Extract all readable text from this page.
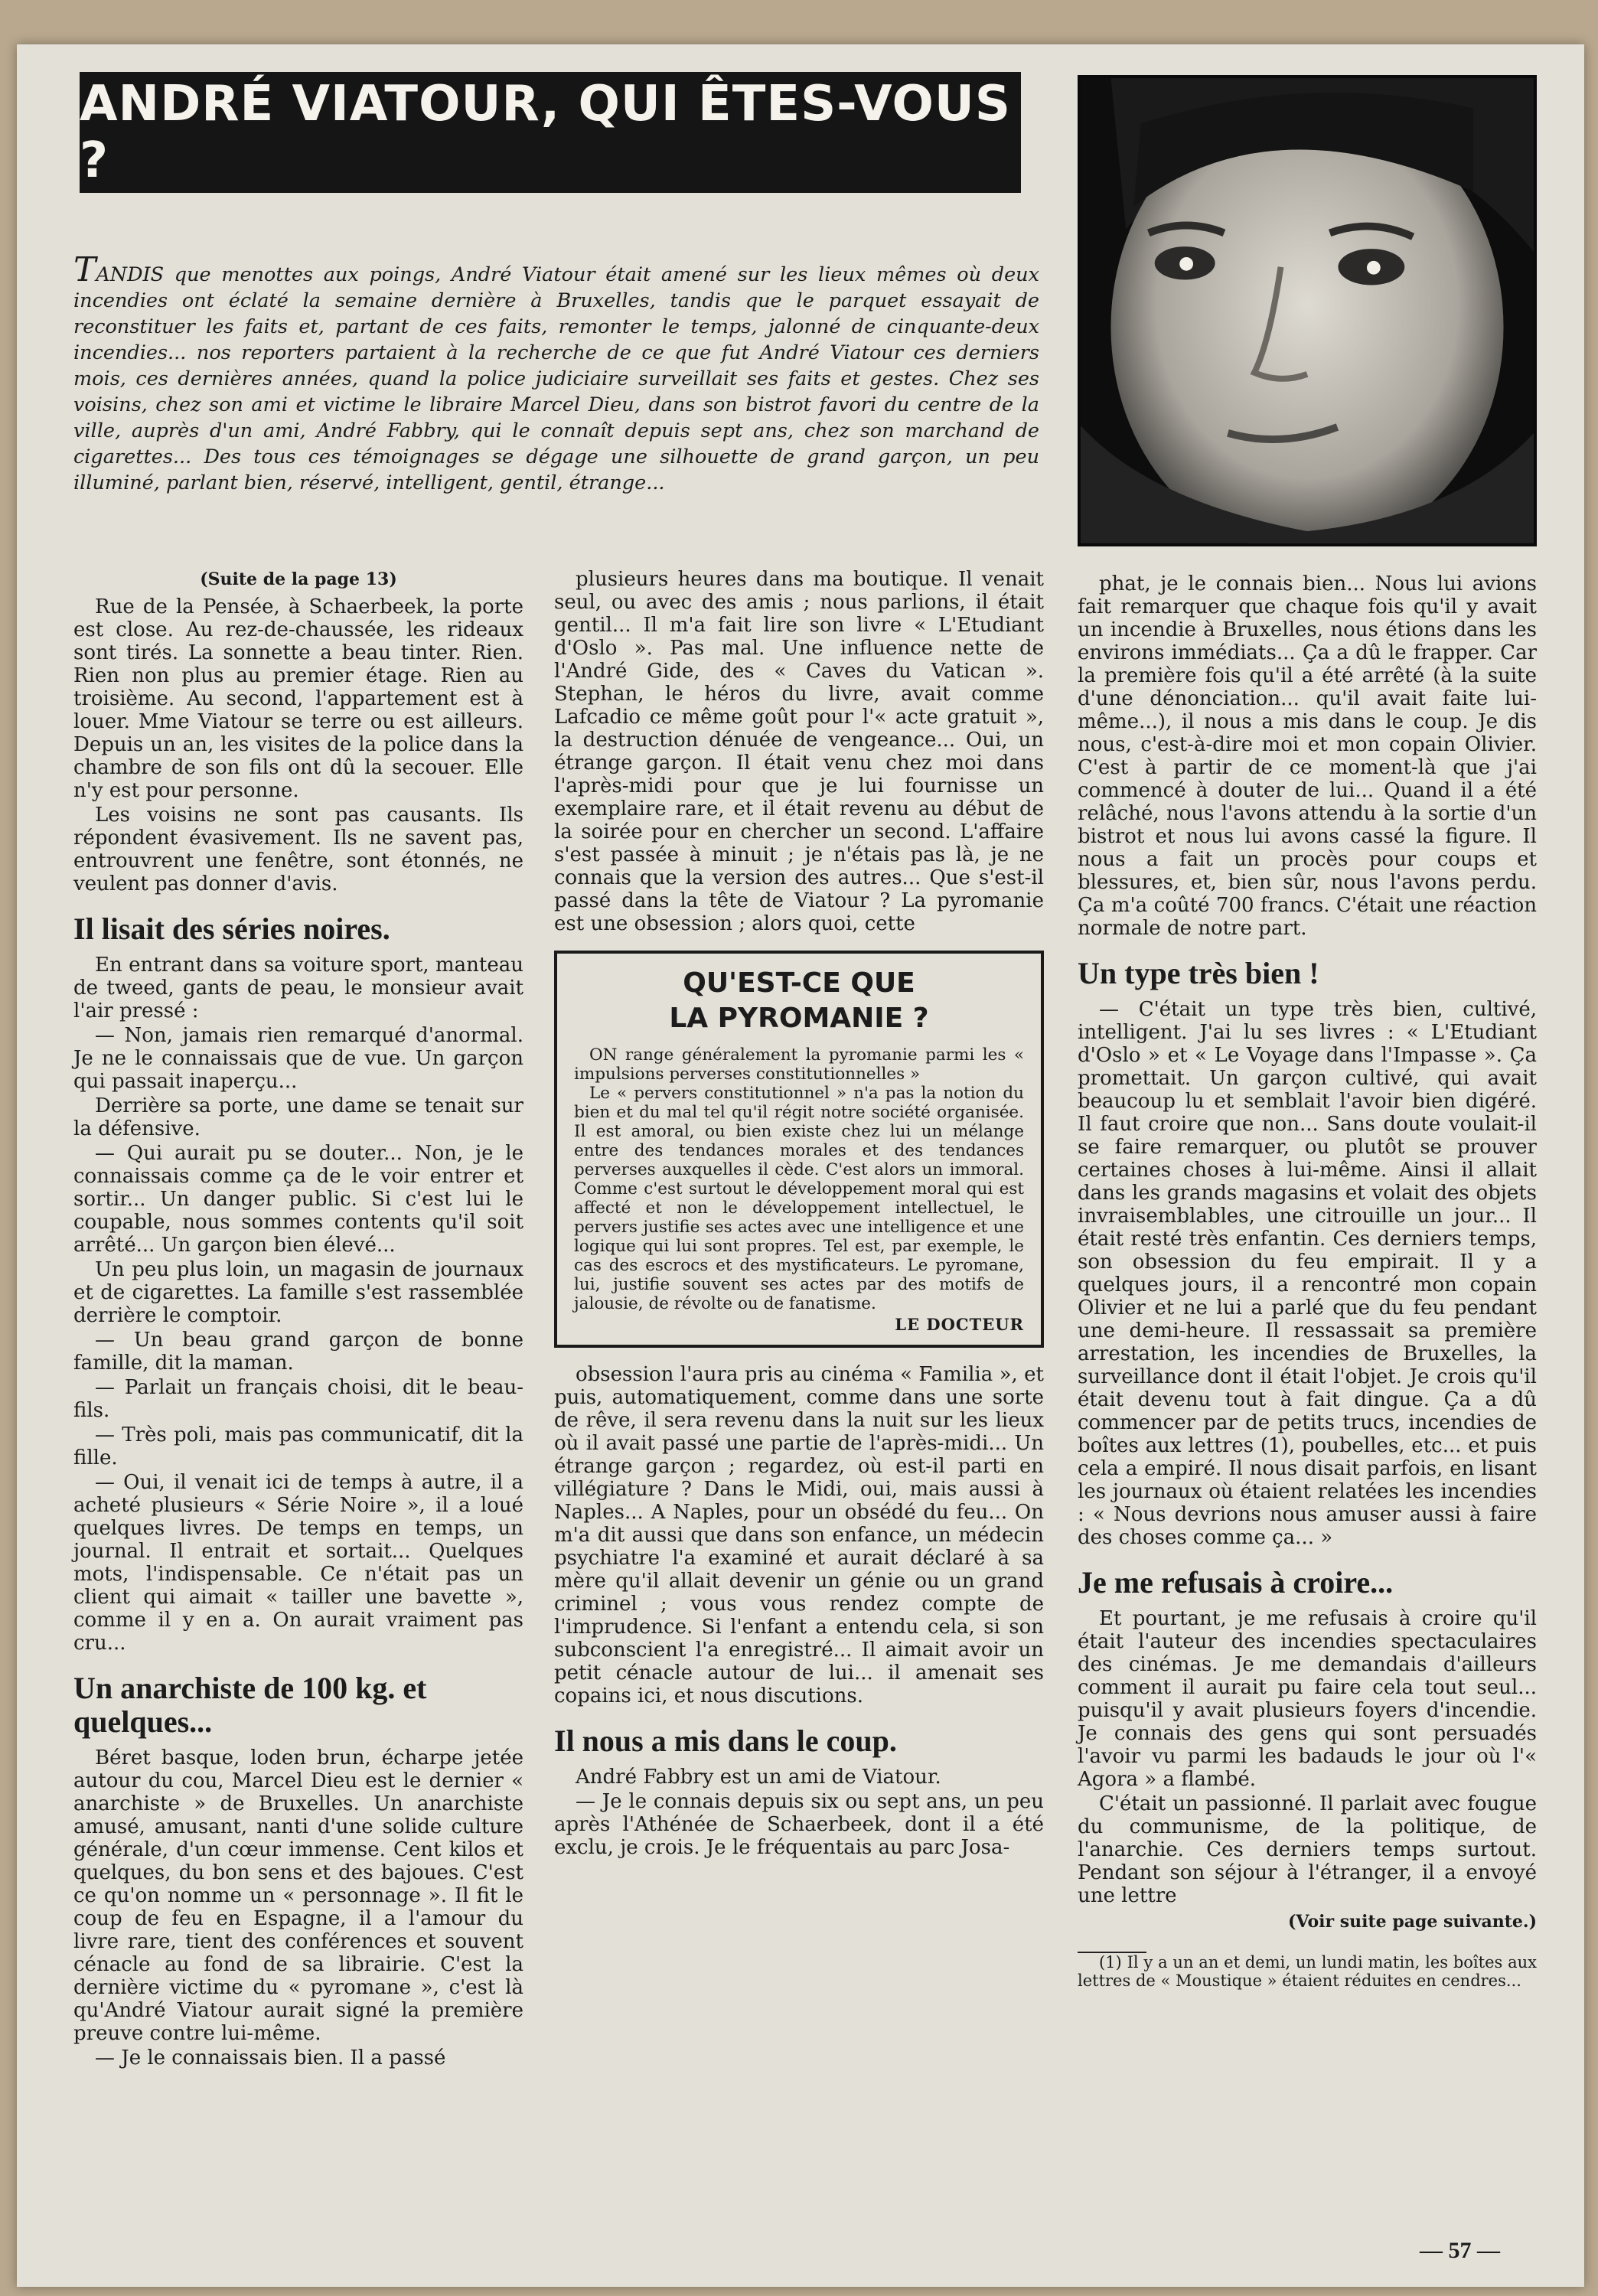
ANDRÉ VIATOUR, QUI ÊTES-VOUS ?

TANDIS que menottes aux poings, André Viatour était amené sur les lieux mêmes où deux incendies ont éclaté la semaine dernière à Bruxelles, tandis que le parquet essayait de reconstituer les faits et, partant de ces faits, remonter le temps, jalonné de cinquante-deux incendies... nos reporters partaient à la recherche de ce que fut André Viatour ces derniers mois, ces dernières années, quand la police judiciaire surveillait ses faits et gestes. Chez ses voisins, chez son ami et victime le libraire Marcel Dieu, dans son bistrot favori du centre de la ville, auprès d'un ami, André Fabbry, qui le connaît depuis sept ans, chez son marchand de cigarettes... Des tous ces témoignages se dégage une silhouette de grand garçon, un peu illuminé, parlant bien, réservé, intelligent, gentil, étrange...

(Suite de la page 13)

Rue de la Pensée, à Schaerbeek, la porte est close. Au rez-de-chaussée, les rideaux sont tirés. La sonnette a beau tinter. Rien. Rien non plus au premier étage. Rien au troisième. Au second, l'appartement est à louer. Mme Viatour se terre ou est ailleurs. Depuis un an, les visites de la police dans la chambre de son fils ont dû la secouer. Elle n'y est pour personne.

Les voisins ne sont pas causants. Ils répondent évasivement. Ils ne savent pas, entrouvrent une fenêtre, sont étonnés, ne veulent pas donner d'avis.

Il lisait des séries noires.

En entrant dans sa voiture sport, manteau de tweed, gants de peau, le monsieur avait l'air pressé :

— Non, jamais rien remarqué d'anormal. Je ne le connaissais que de vue. Un garçon qui passait inaperçu...

Derrière sa porte, une dame se tenait sur la défensive.

— Qui aurait pu se douter... Non, je le connaissais comme ça de le voir entrer et sortir... Un danger public. Si c'est lui le coupable, nous sommes contents qu'il soit arrêté... Un garçon bien élevé...

Un peu plus loin, un magasin de journaux et de cigarettes. La famille s'est rassemblée derrière le comptoir.

— Un beau grand garçon de bonne famille, dit la maman.

— Parlait un français choisi, dit le beau-fils.

— Très poli, mais pas communicatif, dit la fille.

— Oui, il venait ici de temps à autre, il a acheté plusieurs « Série Noire », il a loué quelques livres. De temps en temps, un journal. Il entrait et sortait... Quelques mots, l'indispensable. Ce n'était pas un client qui aimait « tailler une bavette », comme il y en a. On aurait vraiment pas cru...

Un anarchiste de 100 kg. et quelques...

Béret basque, loden brun, écharpe jetée autour du cou, Marcel Dieu est le dernier « anarchiste » de Bruxelles. Un anarchiste amusé, amusant, nanti d'une solide culture générale, d'un cœur immense. Cent kilos et quelques, du bon sens et des bajoues. C'est ce qu'on nomme un « personnage ». Il fit le coup de feu en Espagne, il a l'amour du livre rare, tient des conférences et souvent cénacle au fond de sa librairie. C'est la dernière victime du « pyromane », c'est là qu'André Viatour aurait signé la première preuve contre lui-même.

— Je le connaissais bien. Il a passé

plusieurs heures dans ma boutique. Il venait seul, ou avec des amis ; nous parlions, il était gentil... Il m'a fait lire son livre « L'Etudiant d'Oslo ». Pas mal. Une influence nette de l'André Gide, des « Caves du Vatican ». Stephan, le héros du livre, avait comme Lafcadio ce même goût pour l'« acte gratuit », la destruction dénuée de vengeance... Oui, un étrange garçon. Il était venu chez moi dans l'après-midi pour que je lui fournisse un exemplaire rare, et il était revenu au début de la soirée pour en chercher un second. L'affaire s'est passée à minuit ; je n'étais pas là, je ne connais que la version des autres... Que s'est-il passé dans la tête de Viatour ? La pyromanie est une obsession ; alors quoi, cette

QU'EST-CE QUE
LA PYROMANIE ?

ON range généralement la pyromanie parmi les « impulsions perverses constitutionnelles »

Le « pervers constitutionnel » n'a pas la notion du bien et du mal tel qu'il régit notre société organisée. Il est amoral, ou bien existe chez lui un mélange entre des tendances morales et des tendances perverses auxquelles il cède. C'est alors un immoral. Comme c'est surtout le développement moral qui est affecté et non le développement intellectuel, le pervers justifie ses actes avec une intelligence et une logique qui lui sont propres. Tel est, par exemple, le cas des escrocs et des mystificateurs. Le pyromane, lui, justifie souvent ses actes par des motifs de jalousie, de révolte ou de fanatisme.

LE DOCTEUR

obsession l'aura pris au cinéma « Familia », et puis, automatiquement, comme dans une sorte de rêve, il sera revenu dans la nuit sur les lieux où il avait passé une partie de l'après-midi... Un étrange garçon ; regardez, où est-il parti en villégiature ? Dans le Midi, oui, mais aussi à Naples... A Naples, pour un obsédé du feu... On m'a dit aussi que dans son enfance, un médecin psychiatre l'a examiné et aurait déclaré à sa mère qu'il allait devenir un génie ou un grand criminel ; vous vous rendez compte de l'imprudence. Si l'enfant a entendu cela, si son subconscient l'a enregistré... Il aimait avoir un petit cénacle autour de lui... il amenait ses copains ici, et nous discutions.

Il nous a mis dans le coup.

André Fabbry est un ami de Viatour.

— Je le connais depuis six ou sept ans, un peu après l'Athénée de Schaerbeek, dont il a été exclu, je crois. Je le fréquentais au parc Josa-

phat, je le connais bien... Nous lui avions fait remarquer que chaque fois qu'il y avait un incendie à Bruxelles, nous étions dans les environs immédiats... Ça a dû le frapper. Car la première fois qu'il a été arrêté (à la suite d'une dénonciation... qu'il avait faite lui-même...), il nous a mis dans le coup. Je dis nous, c'est-à-dire moi et mon copain Olivier. C'est à partir de ce moment-là que j'ai commencé à douter de lui... Quand il a été relâché, nous l'avons attendu à la sortie d'un bistrot et nous lui avons cassé la figure. Il nous a fait un procès pour coups et blessures, et, bien sûr, nous l'avons perdu. Ça m'a coûté 700 francs. C'était une réaction normale de notre part.

Un type très bien !

— C'était un type très bien, cultivé, intelligent. J'ai lu ses livres : « L'Etudiant d'Oslo » et « Le Voyage dans l'Impasse ». Ça promettait. Un garçon cultivé, qui avait beaucoup lu et semblait l'avoir bien digéré. Il faut croire que non... Sans doute voulait-il se faire remarquer, ou plutôt se prouver certaines choses à lui-même. Ainsi il allait dans les grands magasins et volait des objets invraisemblables, une citrouille un jour... Il était resté très enfantin. Ces derniers temps, son obsession du feu empirait. Il y a quelques jours, il a rencontré mon copain Olivier et ne lui a parlé que du feu pendant une demi-heure. Il ressassait sa première arrestation, les incendies de Bruxelles, la surveillance dont il était l'objet. Je crois qu'il était devenu tout à fait dingue. Ça a dû commencer par de petits trucs, incendies de boîtes aux lettres (1), poubelles, etc... et puis cela a empiré. Il nous disait parfois, en lisant les journaux où étaient relatées les incendies : « Nous devrions nous amuser aussi à faire des choses comme ça... »

Je me refusais à croire...

Et pourtant, je me refusais à croire qu'il était l'auteur des incendies spectaculaires des cinémas. Je me demandais d'ailleurs comment il aurait pu faire cela tout seul... puisqu'il y avait plusieurs foyers d'incendie. Je connais des gens qui sont persuadés l'avoir vu parmi les badauds le jour où l'« Agora » a flambé.

C'était un passionné. Il parlait avec fougue du communisme, de la politique, de l'anarchie. Ces derniers temps surtout. Pendant son séjour à l'étranger, il a envoyé une lettre

(Voir suite page suivante.)
(1) Il y a un an et demi, un lundi matin, les boîtes aux lettres de « Moustique » étaient réduites en cendres...
— 57 —
